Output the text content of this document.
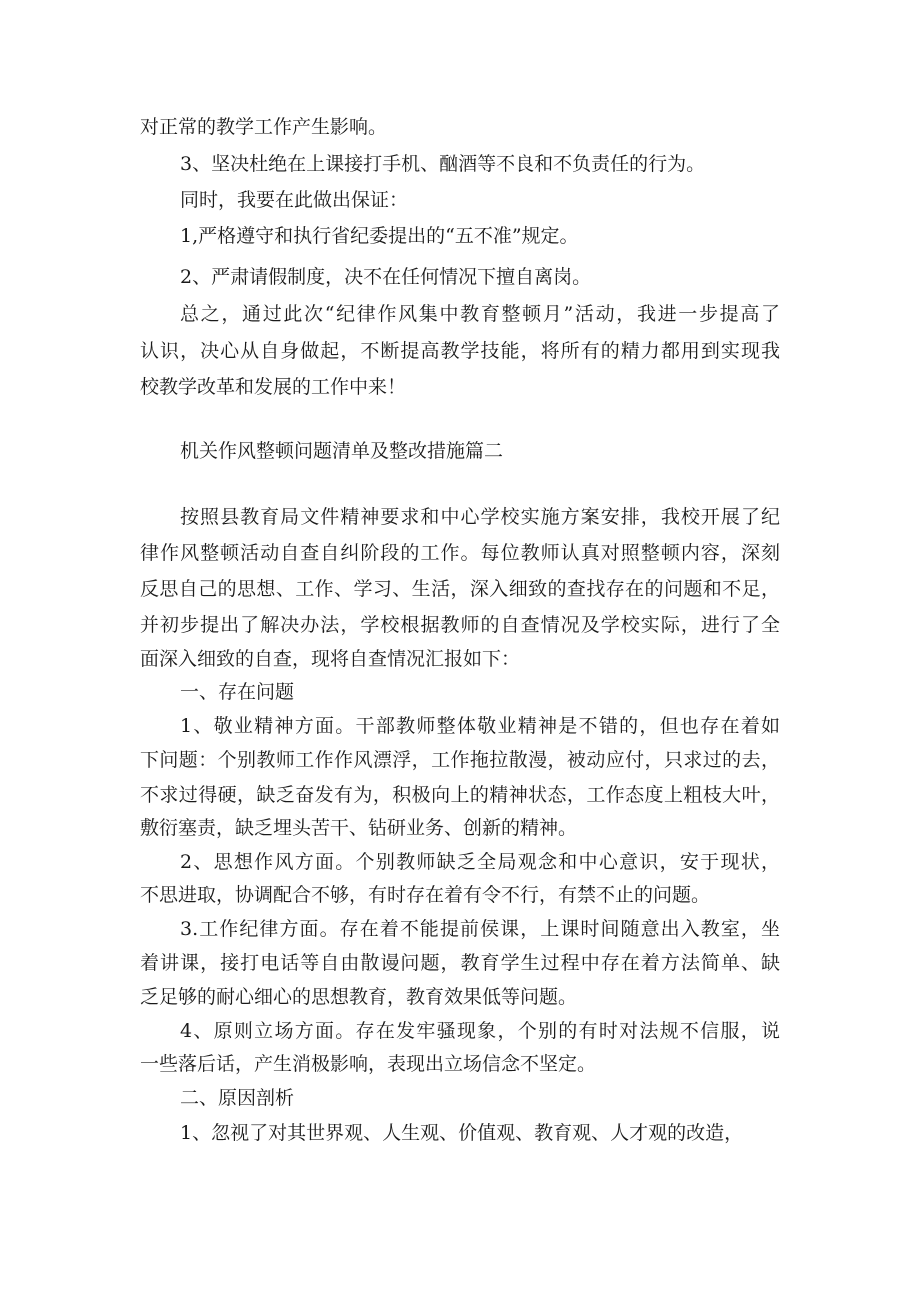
对正常的教学工作产生影响。
3、坚决杜绝在上课接打手机、酗酒等不良和不负责任的行为。
同时，我要在此做出保证：
1,严格遵守和执行省纪委提出的“五不准”规定。
2、严肃请假制度，决不在任何情况下擅自离岗。
总之，通过此次“纪律作风集中教育整顿月”活动，我进一步提高了
认识，决心从自身做起，不断提高教学技能，将所有的精力都用到实现我
校教学改革和发展的工作中来！
机关作风整顿问题清单及整改措施篇二
按照县教育局文件精神要求和中心学校实施方案安排，我校开展了纪
律作风整顿活动自查自纠阶段的工作。每位教师认真对照整顿内容，深刻
反思自己的思想、工作、学习、生活，深入细致的查找存在的问题和不足，
并初步提出了解决办法，学校根据教师的自查情况及学校实际，进行了全
面深入细致的自查，现将自查情况汇报如下：
一、存在问题
1、敬业精神方面。干部教师整体敬业精神是不错的，但也存在着如
下问题：个别教师工作作风漂浮，工作拖拉散漫，被动应付，只求过的去，
不求过得硬，缺乏奋发有为，积极向上的精神状态，工作态度上粗枝大叶，
敷衍塞责，缺乏埋头苦干、钻研业务、创新的精神。
2、思想作风方面。个别教师缺乏全局观念和中心意识，安于现状，
不思进取，协调配合不够，有时存在着有令不行，有禁不止的问题。
3.工作纪律方面。存在着不能提前侯课，上课时间随意出入教室，坐
着讲课，接打电话等自由散谩问题，教育学生过程中存在着方法简单、缺
乏足够的耐心细心的思想教育，教育效果低等问题。
4、原则立场方面。存在发牢骚现象，个别的有时对法规不信服，说
一些落后话，产生消极影响，表现出立场信念不坚定。
二、原因剖析
1、忽视了对其世界观、人生观、价值观、教育观、人才观的改造，
